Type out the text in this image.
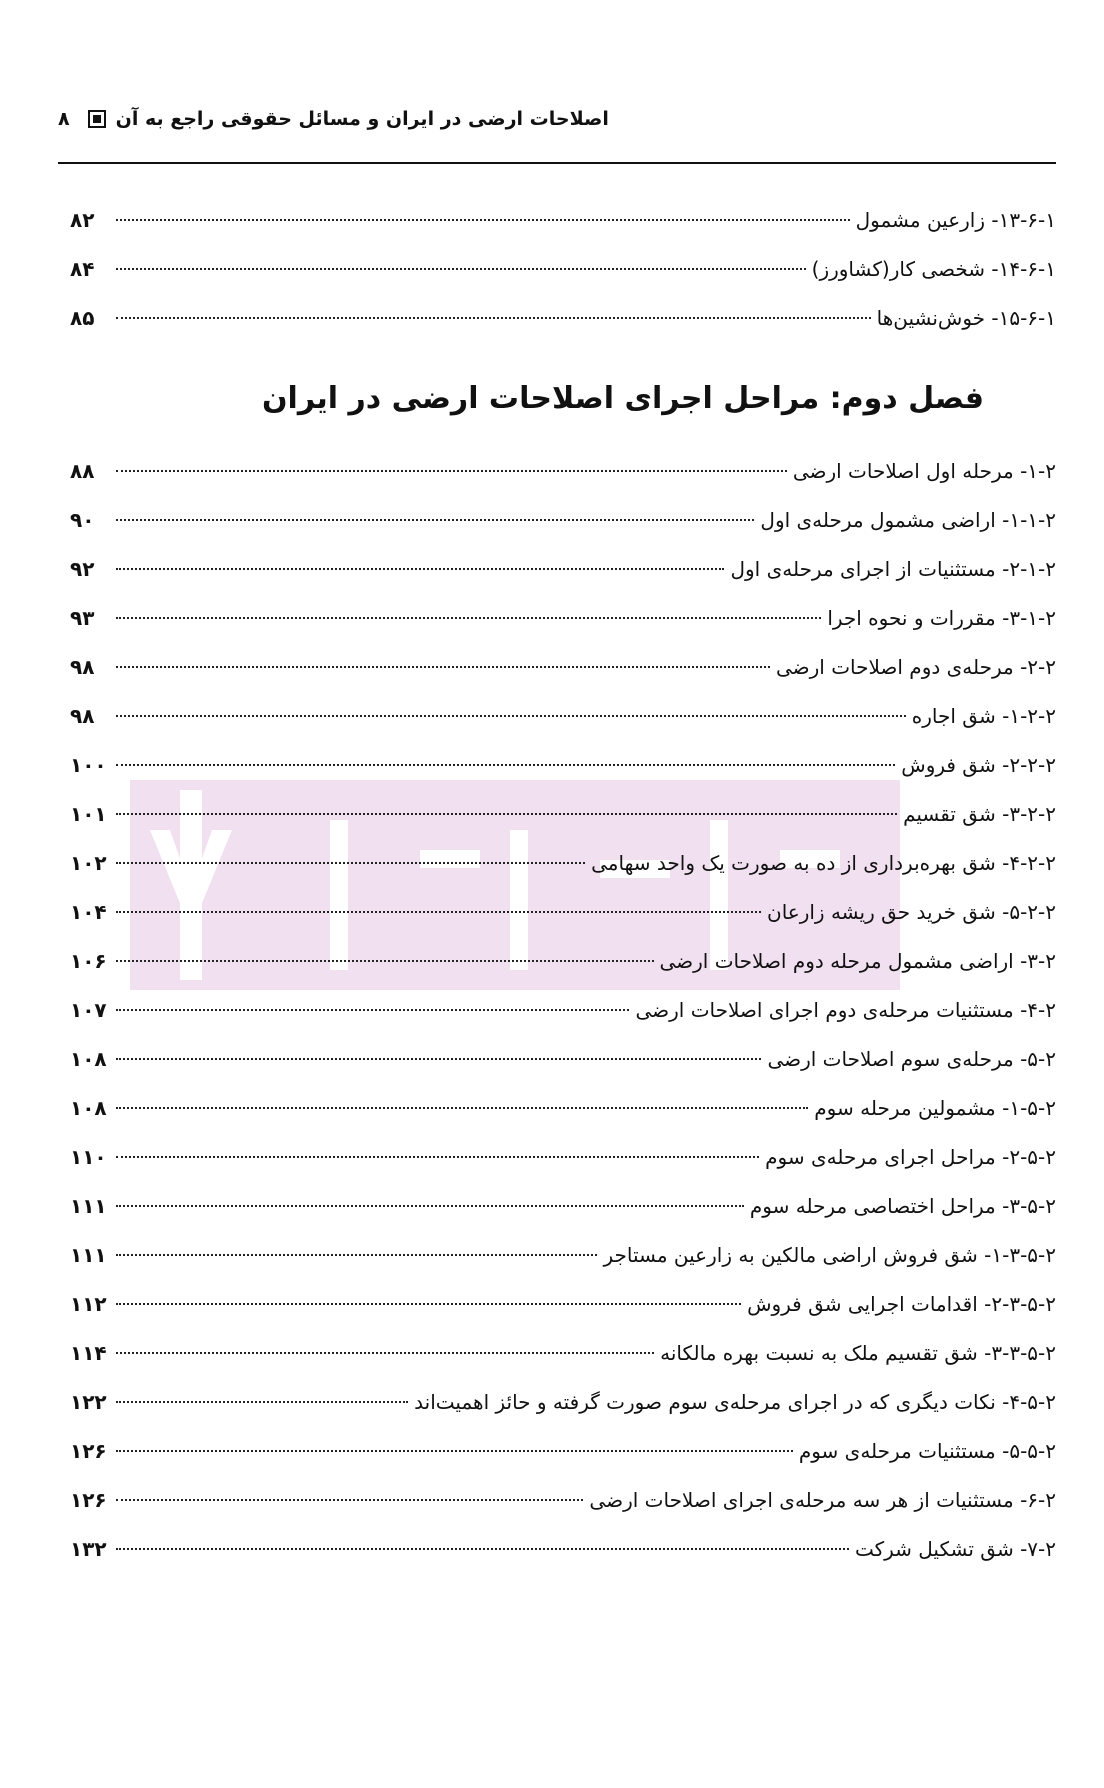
اصلاحات ارضی در ایران و مسائل حقوقی راجع به آن
۸
۱۳-۶-۱- زارعین مشمول
۸۲
۱۴-۶-۱- شخصی کار(کشاورز)
۸۴
۱۵-۶-۱- خوش‌نشین‌ها
۸۵
فصل دوم: مراحل اجرای اصلاحات ارضی در ایران
۱-۲- مرحله اول اصلاحات ارضی
۸۸
۱-۱-۲- اراضی مشمول مرحله‌ی اول
۹۰
۲-۱-۲- مستثنیات از اجرای مرحله‌ی اول
۹۲
۳-۱-۲- مقررات و نحوه اجرا
۹۳
۲-۲- مرحله‌ی دوم اصلاحات ارضی
۹۸
۱-۲-۲- شق اجاره
۹۸
۲-۲-۲- شق فروش
۱۰۰
۳-۲-۲- شق تقسیم
۱۰۱
۴-۲-۲- شق بهره‌برداری از ده به صورت یک واحد سهامی
۱۰۲
۵-۲-۲- شق خرید حق ریشه زارعان
۱۰۴
۳-۲- اراضی مشمول مرحله دوم اصلاحات ارضی
۱۰۶
۴-۲- مستثنیات مرحله‌ی دوم اجرای اصلاحات ارضی
۱۰۷
۵-۲- مرحله‌ی سوم اصلاحات ارضی
۱۰۸
۱-۵-۲- مشمولین مرحله سوم
۱۰۸
۲-۵-۲- مراحل اجرای مرحله‌ی سوم
۱۱۰
۳-۵-۲- مراحل اختصاصی مرحله سوم
۱۱۱
۱-۳-۵-۲- شق فروش اراضی مالکین به زارعین مستاجر
۱۱۱
۲-۳-۵-۲- اقدامات اجرایی شق فروش
۱۱۲
۳-۳-۵-۲- شق تقسیم ملک به نسبت بهره مالکانه
۱۱۴
۴-۵-۲- نکات دیگری که در اجرای مرحله‌ی سوم صورت گرفته و حائز اهمیت‌اند
۱۲۲
۵-۵-۲- مستثنیات مرحله‌ی سوم
۱۲۶
۶-۲- مستثنیات از هر سه مرحله‌ی اجرای اصلاحات ارضی
۱۲۶
۷-۲- شق تشکیل شرکت
۱۳۲
